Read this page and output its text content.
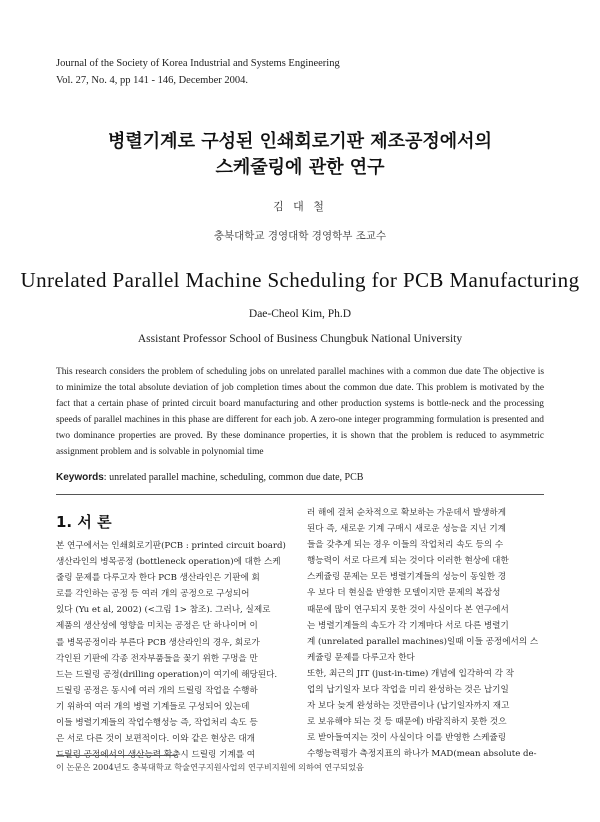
Journal of the Society of Korea Industrial and Systems Engineering
Vol. 27, No. 4, pp 141 - 146, December 2004.
병렬기계로 구성된 인쇄회로기판 제조공정에서의
스케줄링에 관한 연구
김 대 철
충북대학교 경영대학 경영학부 조교수
Unrelated Parallel Machine Scheduling for PCB Manufacturing
Dae-Cheol Kim, Ph.D
Assistant Professor School of Business Chungbuk National University
This research considers the problem of scheduling jobs on unrelated parallel machines with a common due date The objective is to minimize the total absolute deviation of job completion times about the common due date. This problem is motivated by the fact that a certain phase of printed circuit board manufacturing and other production systems is bottle-neck and the processing speeds of parallel machines in this phase are different for each job. A zero-one integer programming formulation is presented and two dominance properties are proved. By these dominance properties, it is shown that the problem is reduced to asymmetric assignment problem and is solvable in polynomial time
Keywords: unrelated parallel machine, scheduling, common due date, PCB
1. 서 론
본 연구에서는 인쇄회로기판(PCB : printed circuit board)
생산라인의 병목공정 (bottleneck operation)에 대한 스케
줄링 문제를 다루고자 한다 PCB 생산라인은 기판에 회
로를 각인하는 공정 등 여러 개의 공정으로 구성되어
있다 (Yu et al, 2002) (<그림 1> 참조). 그러나, 실제로
제품의 생산성에 영향을 미치는 공정은 단 하나이며 이
를 병목공정이라 부른다 PCB 생산라인의 경우, 회로가
각인된 기판에 각종 전자부품들을 꽂기 위한 구멍을 만
드는 드릴링 공정(drilling operation)이 여기에 해당된다.
드릴링 공정은 동시에 여러 개의 드릴링 작업을 수행하
기 위하여 여러 개의 병렬 기계들로 구성되어 있는데
이들 병렬기계들의 작업수행성능 즉, 작업처리 속도 등
은 서로 다른 것이 보편적이다. 이와 같은 현상은 대개
드릴링 공정에서의 생산능력 확충시 드릴링 기계를 여
러 해에 걸쳐 순차적으로 확보하는 가운데서 발생하게
된다 즉, 새로운 기계 구매시 새로운 성능을 지닌 기계
들을 갖추게 되는 경우 이들의 작업처리 속도 등의 수
행능력이 서로 다르게 되는 것이다 이러한 현상에 대한
스케쥴링 문제는 모든 병렬기계들의 성능이 동일한 경
우 보다 더 현실을 반영한 모델이지만 문제의 복잡성
때문에 많이 연구되지 못한 것이 사실이다 본 연구에서
는 병렬기계들의 속도가 각 기계마다 서로 다른 병렬기
계 (unrelated parallel machines)일때 이들 공정에서의 스
케쥴링 문제를 다루고자 한다
또한, 최근의 JIT (just-in-time) 개념에 입각하여 각 작
업의 납기일자 보다 작업을 미리 완성하는 것은 납기일
자 보다 늦게 완성하는 것만큼이나 (납기일자까지 재고
로 보유해야 되는 것 등 때문에) 바람직하지 못한 것으
로 받아들여지는 것이 사실이다 이를 반영한 스케쥴링
수행능력평가 측정지표의 하나가 MAD(mean absolute de-
이 논문은 2004년도 충북대학교 학술연구지원사업의 연구비지원에 의하여 연구되었음
